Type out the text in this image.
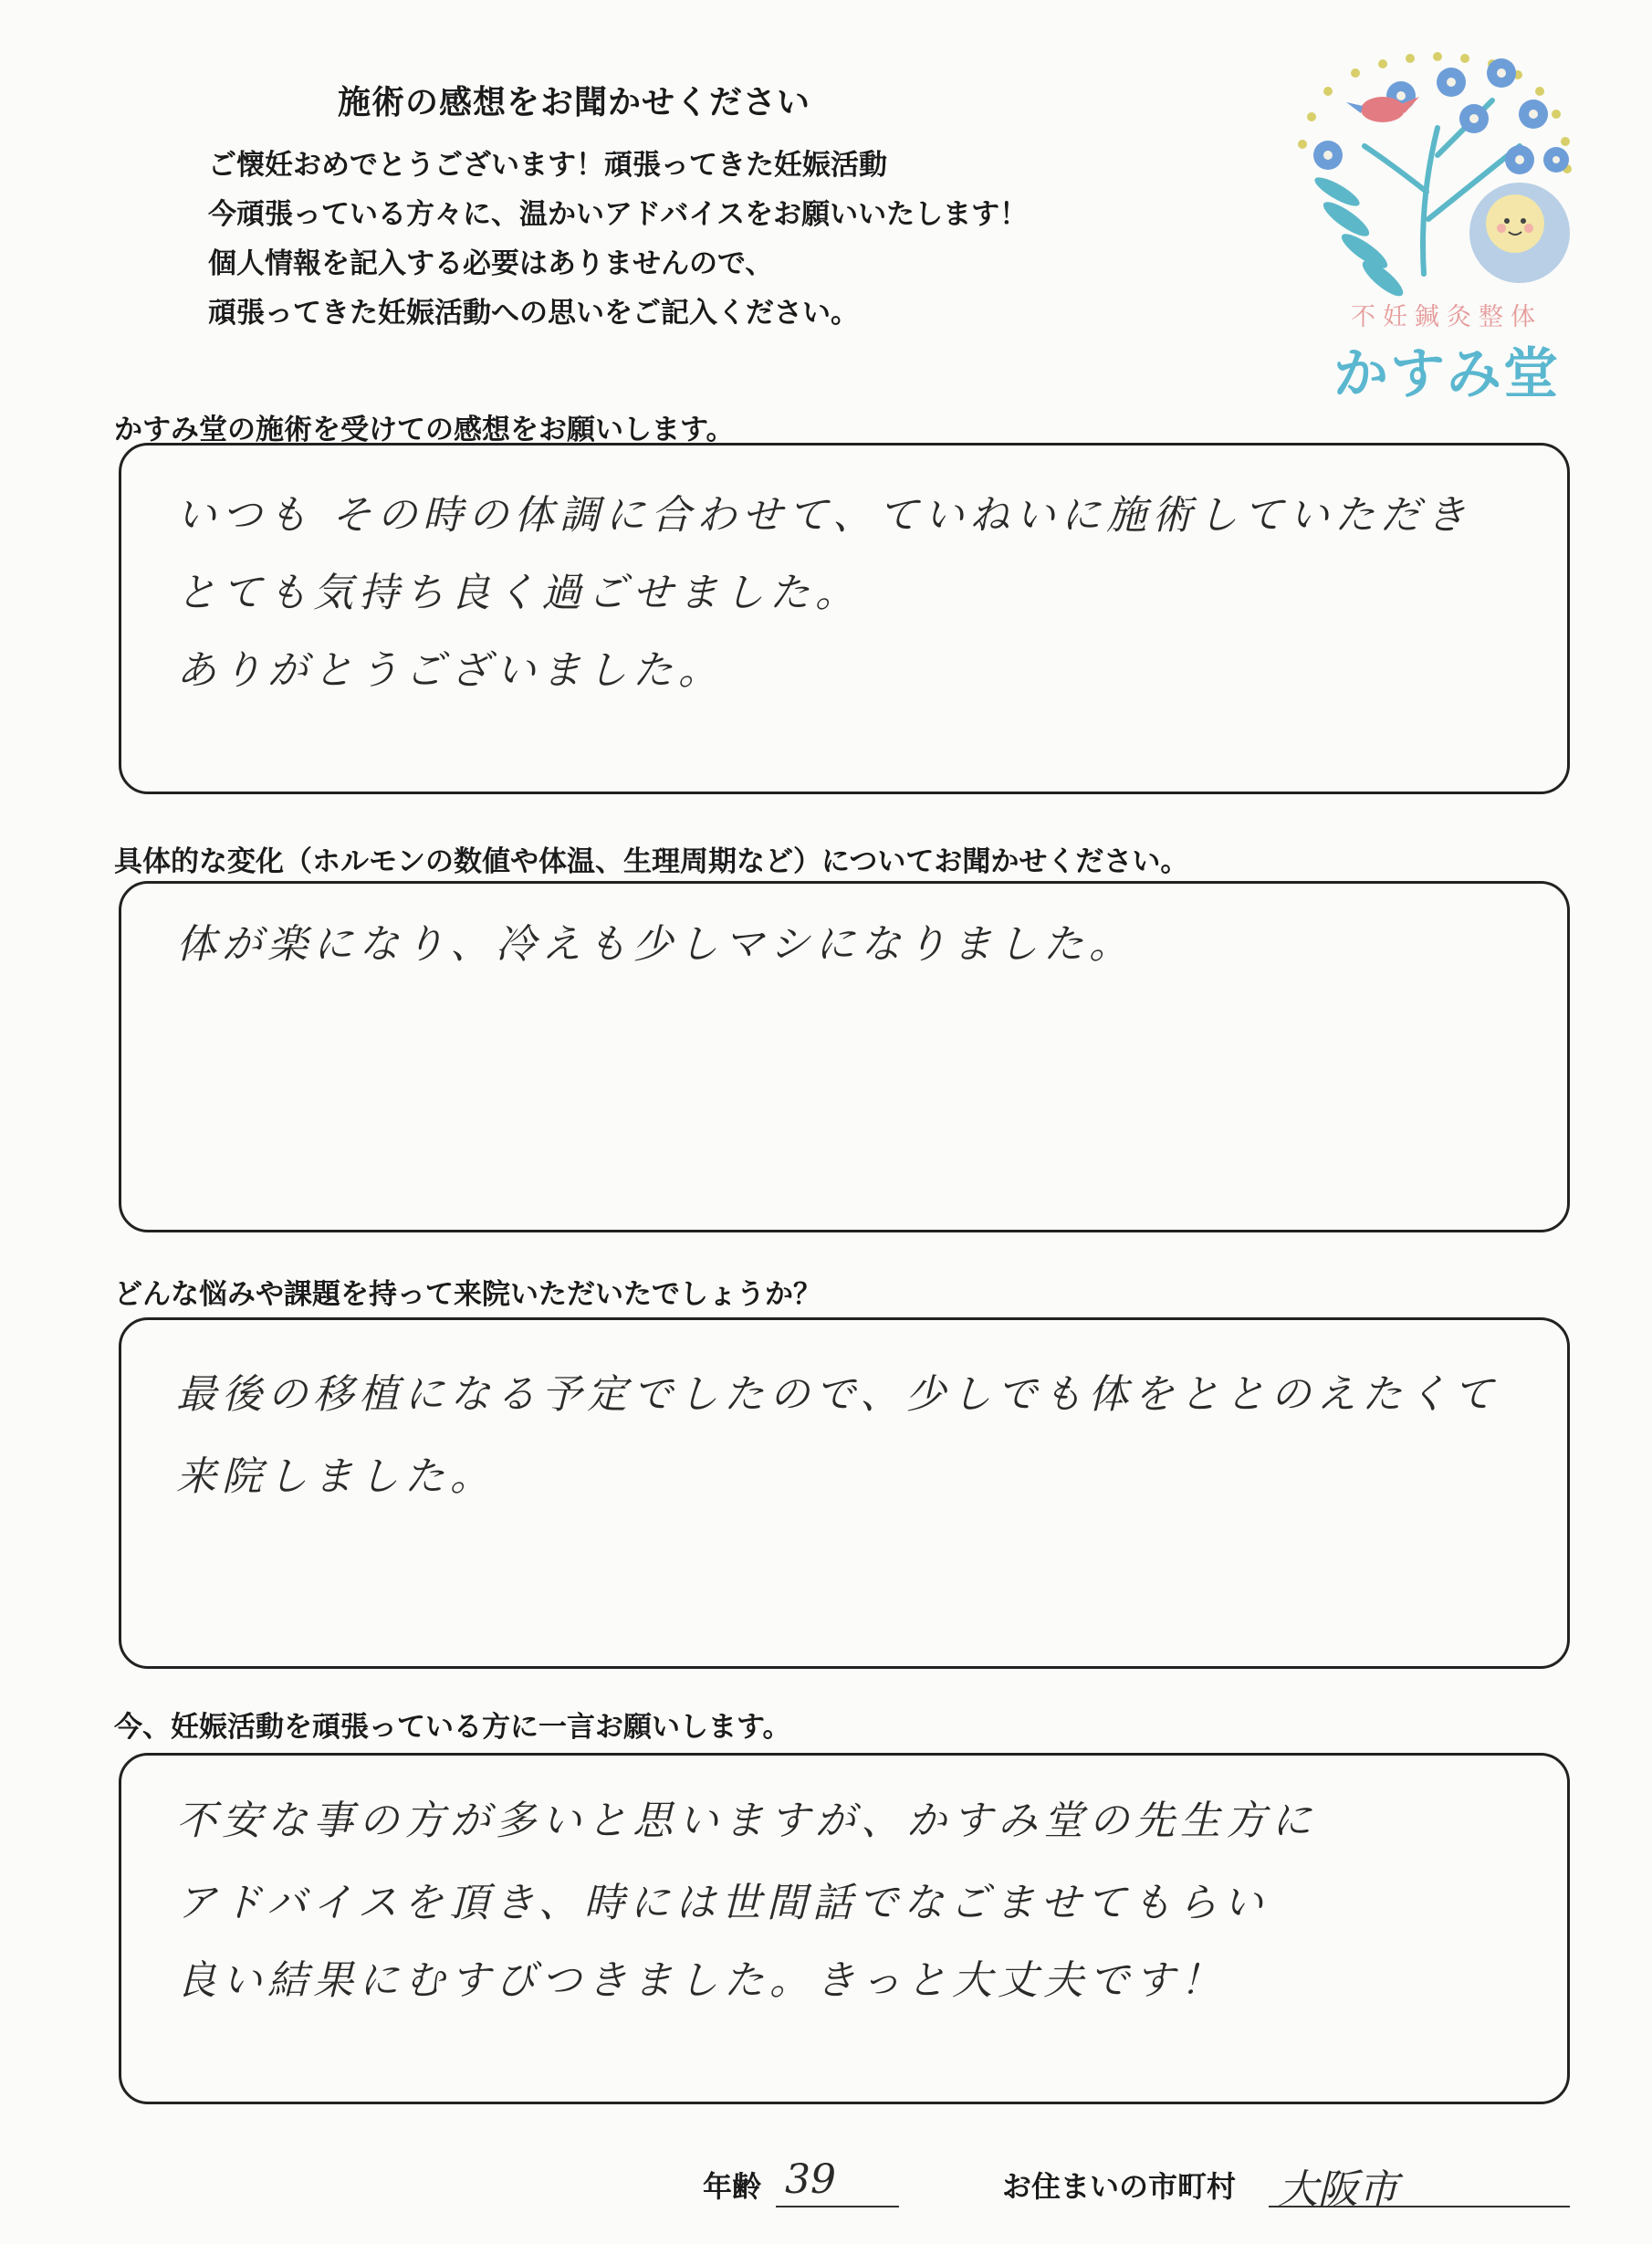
施術の感想をお聞かせください
ご懐妊おめでとうございます！頑張ってきた妊娠活動
今頑張っている方々に、温かいアドバイスをお願いいたします！
個人情報を記入する必要はありませんので、
頑張ってきた妊娠活動への思いをご記入ください。	不妊鍼灸整体
かすみ堂
かすみ堂の施術を受けての感想をお願いします。
いつも その時の体調に合わせて、ていねいに施術していただき
とても気持ち良く過ごせました。
ありがとうございました。
具体的な変化（ホルモンの数値や体温、生理周期など）についてお聞かせください。
体が楽になり、冷えも少しマシになりました。
どんな悩みや課題を持って来院いただいたでしょうか？
最後の移植になる予定でしたので、少しでも体をととのえたくて
来院しました。
今、妊娠活動を頑張っている方に一言お願いします。
不安な事の方が多いと思いますが、かすみ堂の先生方に
アドバイスを頂き、時には世間話でなごませてもらい
良い結果にむすびつきました。きっと大丈夫です！
年齢 39	お住まいの市町村 大阪市
